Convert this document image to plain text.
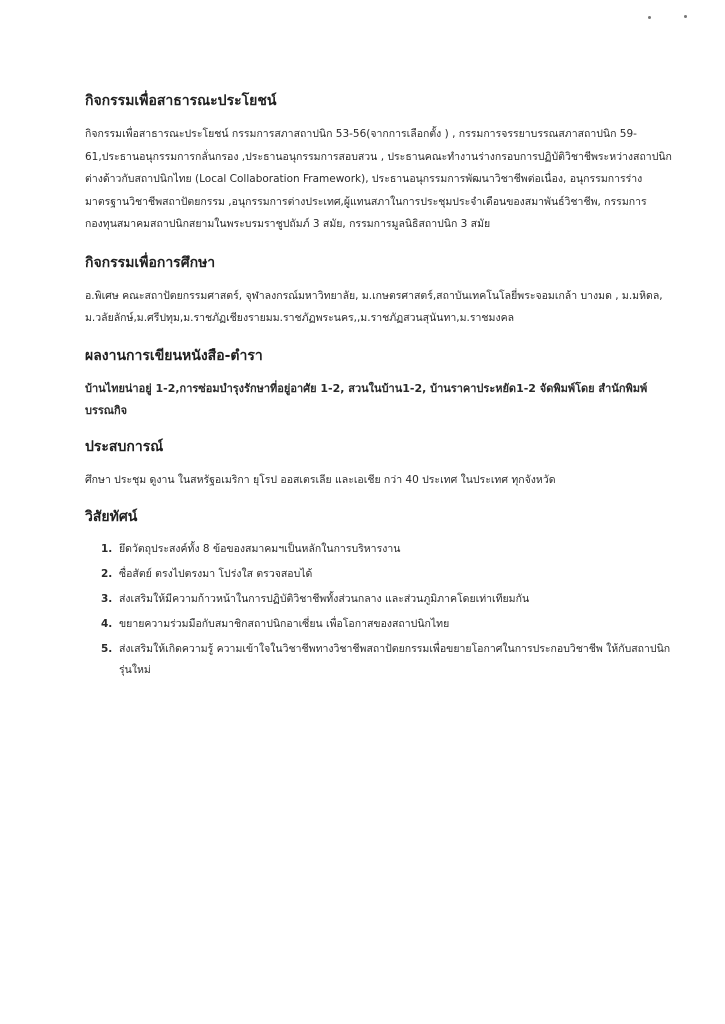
กิจกรรมเพื่อสาธารณะประโยชน์

กิจกรรมเพื่อสาธารณะประโยชน์ กรรมการสภาสถาปนิก 53-56(จากการเลือกตั้ง ) , กรรมการจรรยาบรรณสภาสถาปนิก 59-61,ประธานอนุกรรมการกลั่นกรอง ,ประธานอนุกรรมการสอบสวน , ประธานคณะทำงานร่างกรอบการปฏิบัติวิชาชีพระหว่างสถาปนิกต่างด้าวกับสถาปนิกไทย (Local Collaboration Framework), ประธานอนุกรรมการพัฒนาวิชาชีพต่อเนื่อง, อนุกรรมการร่างมาตรฐานวิชาชีพสถาปัตยกรรม ,อนุกรรมการต่างประเทศ,ผู้แทนสภาในการประชุมประจำเดือนของสมาพันธ์วิชาชีพ, กรรมการกองทุนสมาคมสถาปนิกสยามในพระบรมราชูปถัมภ์ 3 สมัย, กรรมการมูลนิธิสถาปนิก 3 สมัย

กิจกรรมเพื่อการศึกษา

อ.พิเศษ คณะสถาปัตยกรรมศาสตร์, จุฬาลงกรณ์มหาวิทยาลัย, ม.เกษตรศาสตร์,สถาบันเทคโนโลยี่พระจอมเกล้า บางมด , ม.มหิดล, ม.วลัยลักษ์,ม.ศรีปทุม,ม.ราชภัฏเชียงรายมม.ราชภัฏพระนคร,,ม.ราชภัฏสวนสุนันทา,ม.ราชมงคล

ผลงานการเขียนหนังสือ-ตำรา

บ้านไทยน่าอยู่ 1-2,การซ่อมบำรุงรักษาที่อยู่อาศัย 1-2, สวนในบ้าน1-2, บ้านราคาประหยัด1-2 จัดพิมพ์โดย สำนักพิมพ์บรรณกิจ

ประสบการณ์

ศึกษา ประชุม ดูงาน ในสหรัฐอเมริกา ยุโรป ออสเตรเลีย และเอเชีย กว่า 40 ประเทศ ในประเทศ ทุกจังหวัด

วิสัยทัศน์
1. ยึดวัตถุประสงค์ทั้ง 8 ข้อของสมาคมฯเป็นหลักในการบริหารงาน
2. ซื่อสัตย์ ตรงไปตรงมา โปร่งใส ตรวจสอบได้
3. ส่งเสริมให้มีความก้าวหน้าในการปฏิบัติวิชาชีพทั้งส่วนกลาง และส่วนภูมิภาคโดยเท่าเทียมกัน
4. ขยายความร่วมมือกับสมาชิกสถาปนิกอาเซี่ยน เพื่อโอกาสของสถาปนิกไทย
5. ส่งเสริมให้เกิดความรู้ ความเข้าใจในวิชาชีพทางวิชาชีพสถาปัตยกรรมเพื่อขยายโอกาศในการประกอบวิชาชีพ ให้กับสถาปนิกรุ่นใหม่
